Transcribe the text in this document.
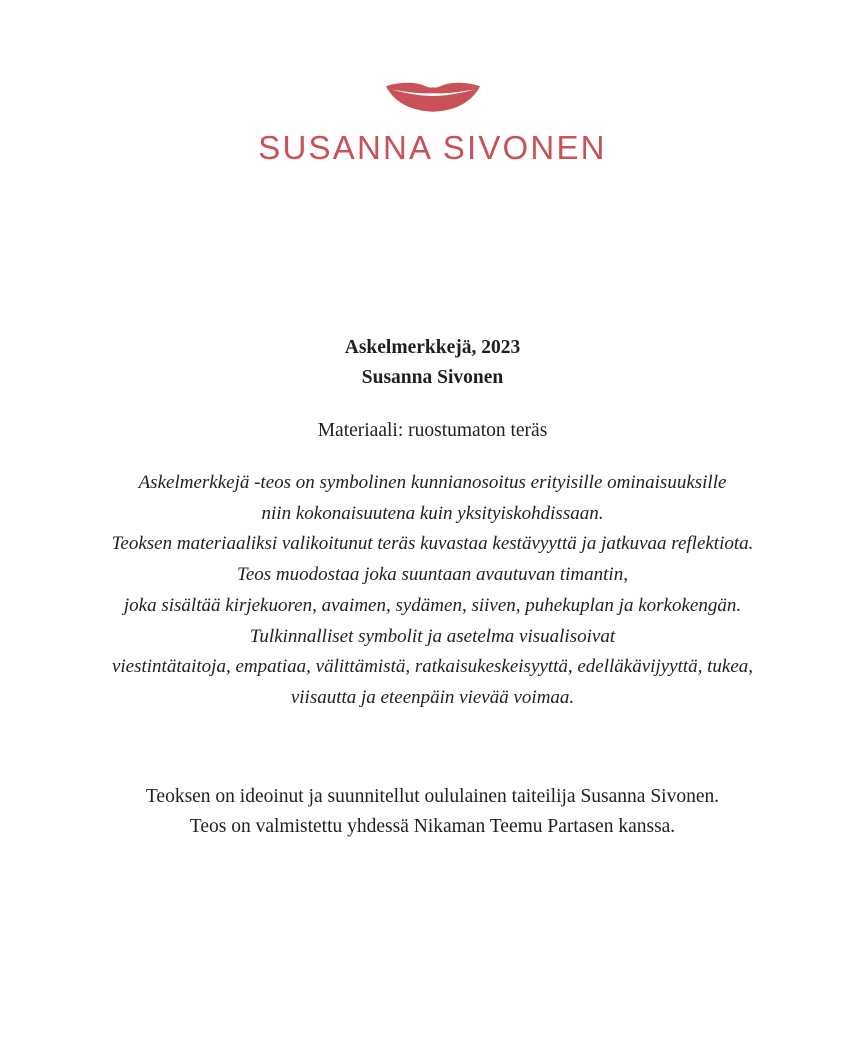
SUSANNA SIVONEN
Askelmerkkejä, 2023
Susanna Sivonen
Materiaali: ruostumaton teräs
Askelmerkkejä -teos on symbolinen kunnianosoitus erityisille ominaisuuksille
niin kokonaisuutena kuin yksityiskohdissaan.
Teoksen materiaaliksi valikoitunut teräs kuvastaa kestävyyttä ja jatkuvaa reflektiota.
Teos muodostaa joka suuntaan avautuvan timantin,
joka sisältää kirjekuoren, avaimen, sydämen, siiven, puhekuplan ja korkokengän.
Tulkinnalliset symbolit ja asetelma visualisoivat
viestintätaitoja, empatiaa, välittämistä, ratkaisukeskeisyyttä, edelläkävijyyttä, tukea,
viisautta ja eteenpäin vievää voimaa.
Teoksen on ideoinut ja suunnitellut oululainen taiteilija Susanna Sivonen.
Teos on valmistettu yhdessä Nikaman Teemu Partasen kanssa.
